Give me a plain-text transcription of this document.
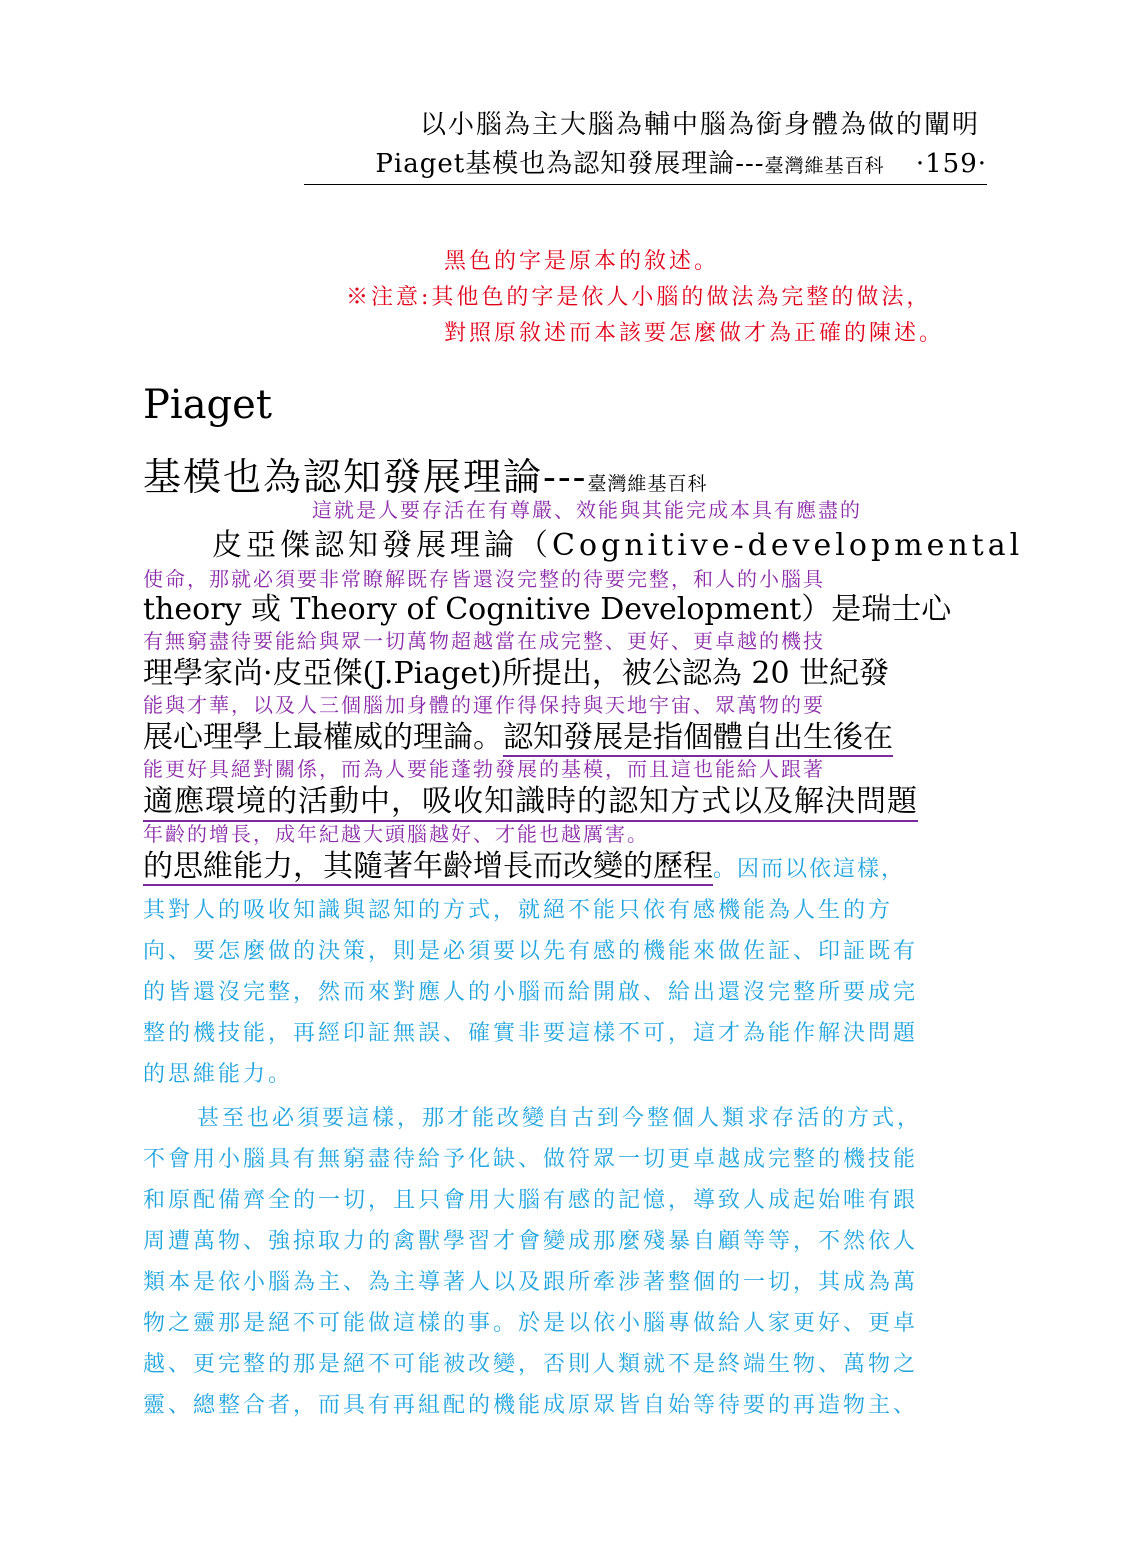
以小腦為主大腦為輔中腦為銜身體為做的闡明
Piaget基模也為認知發展理論---臺灣維基百科 ·159·
黑色的字是原本的敘述。
※注意:其他色的字是依人小腦的做法為完整的做法，
對照原敘述而本該要怎麼做才為正確的陳述。
Piaget
基模也為認知發展理論---臺灣維基百科
這就是人要存活在有尊嚴、效能與其能完成本具有應盡的
皮亞傑認知發展理論（Cognitive-developmental
使命，那就必須要非常瞭解既存皆還沒完整的待要完整，和人的小腦具
theory 或 Theory of Cognitive Development）是瑞士心
有無窮盡待要能給與眾一切萬物超越當在成完整、更好、更卓越的機技
理學家尚·皮亞傑(J.Piaget)所提出，被公認為 20 世紀發
能與才華，以及人三個腦加身體的運作得保持與天地宇宙、眾萬物的要
展心理學上最權威的理論。認知發展是指個體自出生後在
能更好具絕對關係，而為人要能蓬勃發展的基模，而且這也能給人跟著
適應環境的活動中，吸收知識時的認知方式以及解決問題
年齡的增長，成年紀越大頭腦越好、才能也越厲害。
的思維能力，其隨著年齡增長而改變的歷程。因而以依這樣，
其對人的吸收知識與認知的方式，就絕不能只依有感機能為人生的方
向、要怎麼做的決策，則是必須要以先有感的機能來做佐証、印証既有
的皆還沒完整，然而來對應人的小腦而給開啟、給出還沒完整所要成完
整的機技能，再經印証無誤、確實非要這樣不可，這才為能作解決問題
的思維能力。
甚至也必須要這樣，那才能改變自古到今整個人類求存活的方式，
不會用小腦具有無窮盡待給予化缺、做符眾一切更卓越成完整的機技能
和原配備齊全的一切，且只會用大腦有感的記憶，導致人成起始唯有跟
周遭萬物、強掠取力的禽獸學習才會變成那麼殘暴自顧等等，不然依人
類本是依小腦為主、為主導著人以及跟所牽涉著整個的一切，其成為萬
物之靈那是絕不可能做這樣的事。於是以依小腦專做給人家更好、更卓
越、更完整的那是絕不可能被改變，否則人類就不是終端生物、萬物之
靈、總整合者，而具有再組配的機能成原眾皆自始等待要的再造物主、
